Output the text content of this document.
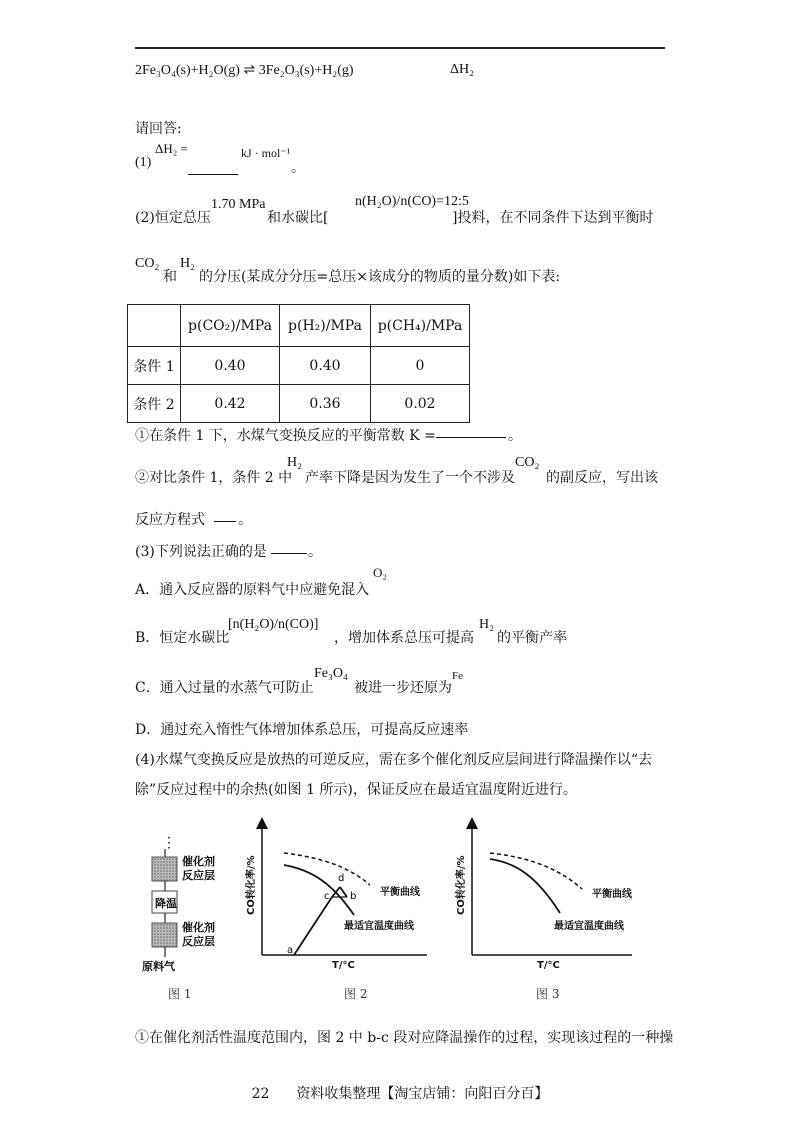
2Fe₃O₄(s)+H₂O(g) ⇌ 3Fe₂O₃(s)+H₂(g)	ΔH₂
请回答:
(1)
ΔH₂ =	kJ · mol⁻¹
。
(2)恒定总压
1.70 MPa
和水碳比[
n(H₂O)/n(CO)=12:5
]投料，在不同条件下达到平衡时
CO₂
和
H₂
的分压(某成分分压=总压×该成分的物质的量分数)如下表:
	p(CO₂)/MPa	p(H₂)/MPa	p(CH₄)/MPa
条件 1	0.40	0.40	0
条件 2	0.42	0.36	0.02
①在条件 1 下，水煤气变换反应的平衡常数 K =	。
②对比条件 1，条件 2 中
H₂
产率下降是因为发生了一个不涉及
CO₂
的副反应，写出该
反应方程式 。
(3)下列说法正确的是	。
A．通入反应器的原料气中应避免混入
O₂
B．恒定水碳比
[n(H₂O)/n(CO)]
，增加体系总压可提高
H₂
的平衡产率
C．通入过量的水蒸气可防止
Fe₃O₄
被进一步还原为
Fe
D．通过充入惰性气体增加体系总压，可提高反应速率
(4)水煤气变换反应是放热的可逆反应，需在多个催化剂反应层间进行降温操作以“去
除”反应过程中的余热(如图 1 所示)，保证反应在最适宜温度附近进行。
⋮
降温
催化剂反应层
催化剂反应层
原料气
图 1
CO转化率/%
T/°C
a
b
c
d
平衡曲线
最适宜温度曲线
图 2
CO转化率/%
T/°C
平衡曲线
最适宜温度曲线
图 3
①在催化剂活性温度范围内，图 2 中 b-c 段对应降温操作的过程，实现该过程的一种操
22 资料收集整理【淘宝店铺：向阳百分百】
